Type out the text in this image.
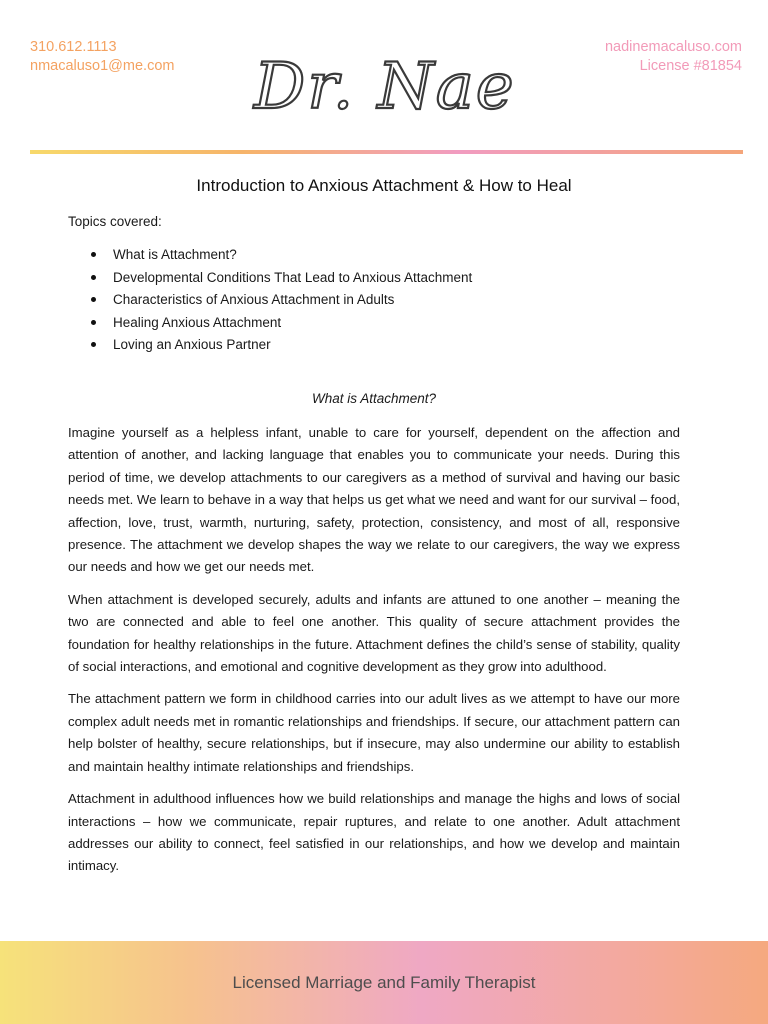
310.612.1113
nmacaluso1@me.com Dr. Nae
nadinemacaluso.com
License #81854
Introduction to Anxious Attachment & How to Heal
Topics covered:
What is Attachment?
Developmental Conditions That Lead to Anxious Attachment
Characteristics of Anxious Attachment in Adults
Healing Anxious Attachment
Loving an Anxious Partner
What is Attachment?

Imagine yourself as a helpless infant, unable to care for yourself, dependent on the affection and attention of another, and lacking language that enables you to communicate your needs. During this period of time, we develop attachments to our caregivers as a method of survival and having our basic needs met. We learn to behave in a way that helps us get what we need and want for our survival – food, affection, love, trust, warmth, nurturing, safety, protection, consistency, and most of all, responsive presence. The attachment we develop shapes the way we relate to our caregivers, the way we express our needs and how we get our needs met.

When attachment is developed securely, adults and infants are attuned to one another – meaning the two are connected and able to feel one another. This quality of secure attachment provides the foundation for healthy relationships in the future. Attachment defines the child’s sense of stability, quality of social interactions, and emotional and cognitive development as they grow into adulthood.

The attachment pattern we form in childhood carries into our adult lives as we attempt to have our more complex adult needs met in romantic relationships and friendships. If secure, our attachment pattern can help bolster of healthy, secure relationships, but if insecure, may also undermine our ability to establish and maintain healthy intimate relationships and friendships.

Attachment in adulthood influences how we build relationships and manage the highs and lows of social interactions – how we communicate, repair ruptures, and relate to one another. Adult attachment addresses our ability to connect, feel satisfied in our relationships, and how we develop and maintain intimacy.

Licensed Marriage and Family Therapist
